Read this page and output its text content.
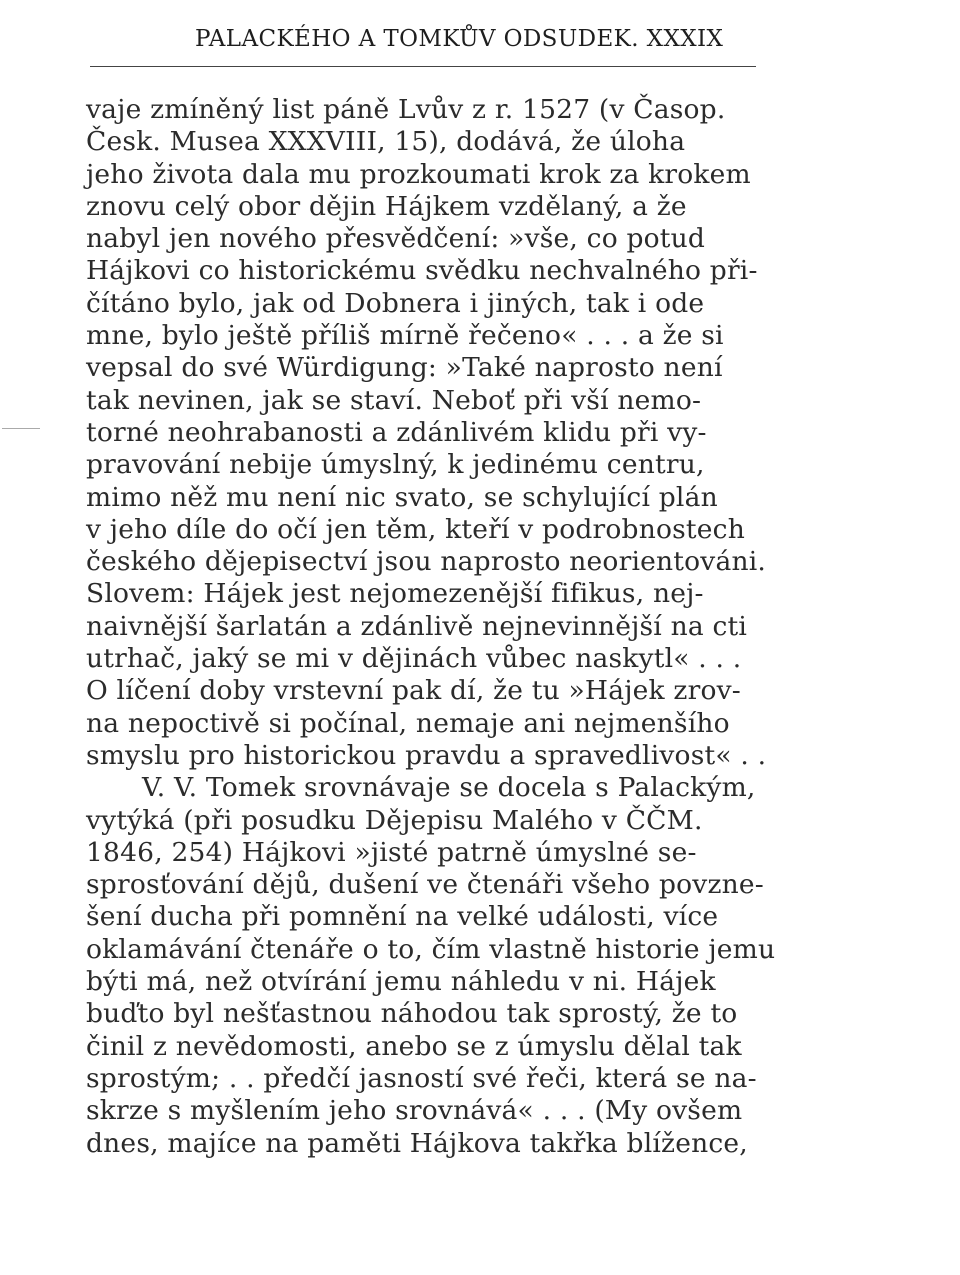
PALACKÉHO A TOMKŮV ODSUDEK. XXXIX
vaje zmíněný list páně Lvův z r. 1527 (v Časop.
Česk. Musea XXXVIII, 15), dodává, že úloha
jeho života dala mu prozkoumati krok za krokem
znovu celý obor dějin Hájkem vzdělaný, a že
nabyl jen nového přesvědčení: »vše, co potud
Hájkovi co historickému svědku nechvalného při-
čítáno bylo, jak od Dobnera i jiných, tak i ode
mne, bylo ještě příliš mírně řečeno« . . . a že si
vepsal do své Würdigung: »Také naprosto není
tak nevinen, jak se staví. Neboť při vší nemo-
torné neohrabanosti a zdánlivém klidu při vy-
pravování nebije úmyslný, k jedinému centru,
mimo něž mu není nic svato, se schylující plán
v jeho díle do očí jen těm, kteří v podrobnostech
českého dějepisectví jsou naprosto neorientováni.
Slovem: Hájek jest nejomezenější fifikus, nej-
naivnější šarlatán a zdánlivě nejnevinnější na cti
utrhač, jaký se mi v dějinách vůbec naskytl« . . .
O líčení doby vrstevní pak dí, že tu »Hájek zrov-
na nepoctivě si počínal, nemaje ani nejmenšího
smyslu pro historickou pravdu a spravedlivost« . .
V. V. Tomek srovnávaje se docela s Palackým,
vytýká (při posudku Dějepisu Malého v ČČM.
1846, 254) Hájkovi »jisté patrně úmyslné se-
sprosťování dějů, dušení ve čtenáři všeho povzne-
šení ducha při pomnění na velké události, více
oklamávání čtenáře o to, čím vlastně historie jemu
býti má, než otvírání jemu náhledu v ni. Hájek
buďto byl nešťastnou náhodou tak sprostý, že to
činil z nevědomosti, anebo se z úmyslu dělal tak
sprostým; . . předčí jasností své řeči, která se na-
skrze s myšlením jeho srovnává« . . . (My ovšem
dnes, majíce na paměti Hájkova takřka blížence,
